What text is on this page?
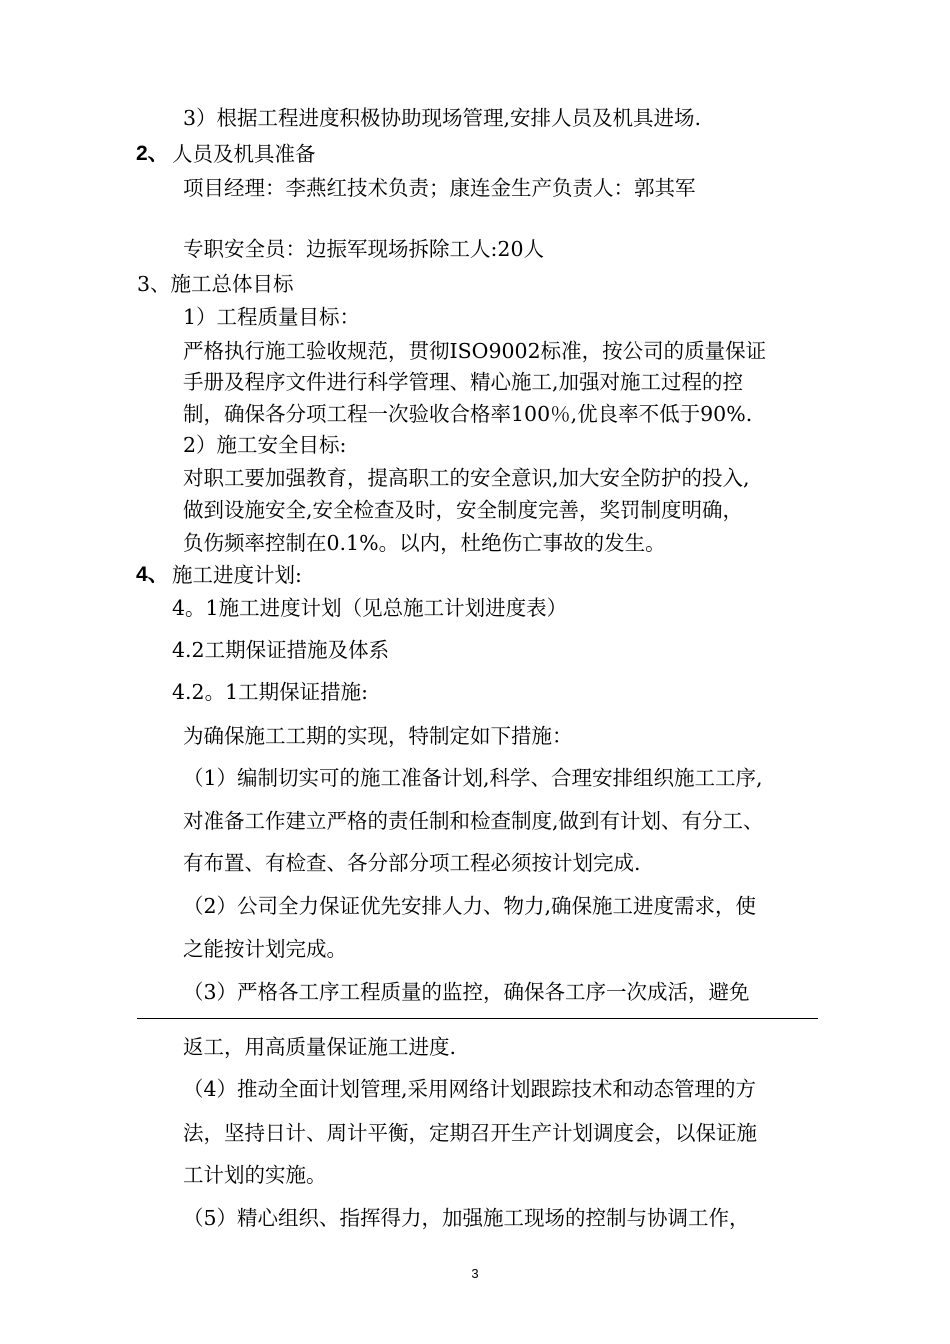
3）根据工程进度积极协助现场管理,安排人员及机具进场.
2、 人员及机具准备
项目经理：李燕红技术负责；康连金生产负责人：郭其军
专职安全员：边振军现场拆除工人:20人
3、施工总体目标
1）工程质量目标：
严格执行施工验收规范，贯彻ISO9002标准，按公司的质量保证
手册及程序文件进行科学管理、精心施工,加强对施工过程的控
制，确保各分项工程一次验收合格率100％,优良率不低于90%.
2）施工安全目标:
对职工要加强教育，提高职工的安全意识,加大安全防护的投入,
做到设施安全,安全检查及时，安全制度完善，奖罚制度明确，
负伤频率控制在0.1%。以内，杜绝伤亡事故的发生。
4、 施工进度计划:
4。1施工进度计划（见总施工计划进度表）
4.2工期保证措施及体系
4.2。1工期保证措施:
为确保施工工期的实现，特制定如下措施：
（1）编制切实可的施工准备计划,科学、合理安排组织施工工序,
对准备工作建立严格的责任制和检查制度,做到有计划、有分工、
有布置、有检查、各分部分项工程必须按计划完成.
（2）公司全力保证优先安排人力、物力,确保施工进度需求，使
之能按计划完成。
（3）严格各工序工程质量的监控，确保各工序一次成活，避免
返工，用高质量保证施工进度.
（4）推动全面计划管理,采用网络计划跟踪技术和动态管理的方
法，坚持日计、周计平衡，定期召开生产计划调度会，以保证施
工计划的实施。
（5）精心组织、指挥得力，加强施工现场的控制与协调工作，
3
